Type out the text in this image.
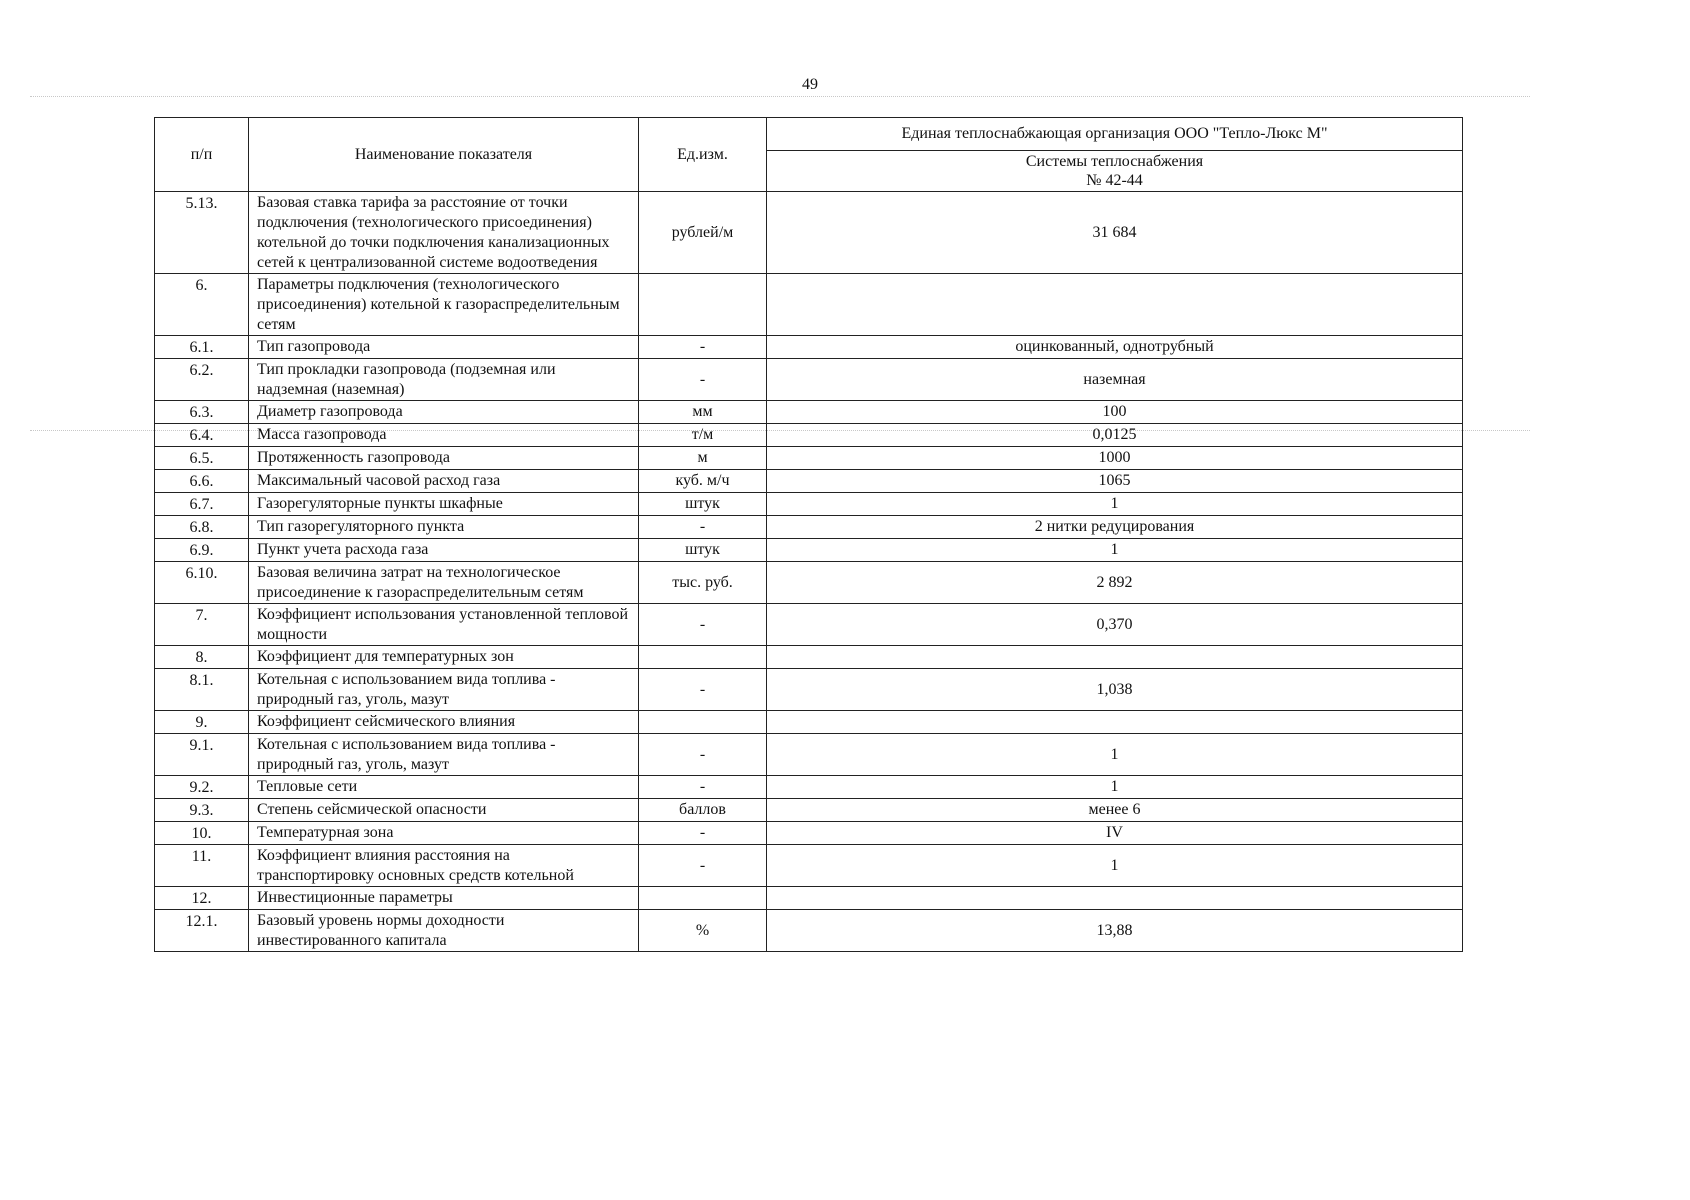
49
п/п	Наименование показателя	Ед.изм.	Единая теплоснабжающая организация ООО "Тепло-Люкс М"
			Системы теплоснабжения
№ 42-44
5.13.	Базовая ставка тарифа за расстояние от точки подключения (технологического присоединения) котельной до точки подключения канализационных сетей к централизованной системе водоотведения	рублей/м	31 684
6.	Параметры подключения (технологического присоединения) котельной к газораспределительным сетям		
6.1.	Тип газопровода	-	оцинкованный, однотрубный
6.2.	Тип прокладки газопровода (подземная или надземная (наземная)	-	наземная
6.3.	Диаметр газопровода	мм	100
6.4.	Масса газопровода	т/м	0,0125
6.5.	Протяженность газопровода	м	1000
6.6.	Максимальный часовой расход газа	куб. м/ч	1065
6.7.	Газорегуляторные пункты шкафные	штук	1
6.8.	Тип газорегуляторного пункта	-	2 нитки редуцирования
6.9.	Пункт учета расхода газа	штук	1
6.10.	Базовая величина затрат на технологическое присоединение к газораспределительным сетям	тыс. руб.	2 892
7.	Коэффициент использования установленной тепловой мощности	-	0,370
8.	Коэффициент для температурных зон		
8.1.	Котельная с использованием вида топлива - природный газ, уголь, мазут	-	1,038
9.	Коэффициент сейсмического влияния		
9.1.	Котельная с использованием вида топлива - природный газ, уголь, мазут	-	1
9.2.	Тепловые сети	-	1
9.3.	Степень сейсмической опасности	баллов	менее 6
10.	Температурная зона	-	IV
11.	Коэффициент влияния расстояния на транспортировку основных средств котельной	-	1
12.	Инвестиционные параметры		
12.1.	Базовый уровень нормы доходности инвестированного капитала	%	13,88
